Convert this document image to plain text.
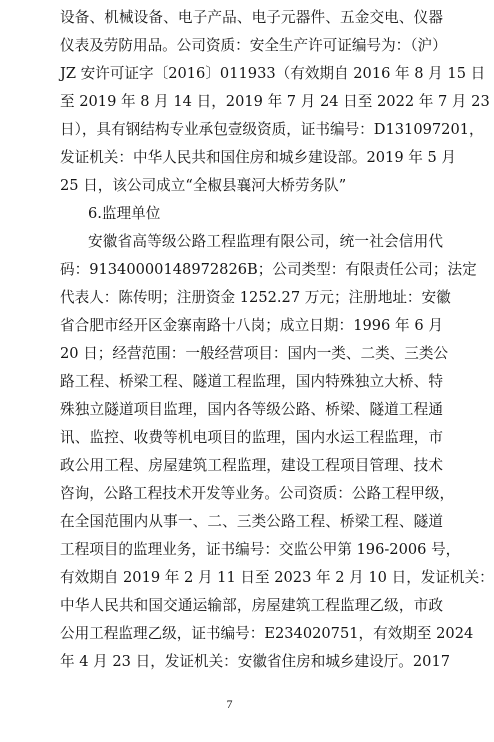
设备、机械设备、电子产品、电子元器件、五金交电、仪器
仪表及劳防用品。公司资质：安全生产许可证编号为：（沪）
JZ 安许可证字〔2016〕011933（有效期自 2016 年 8 月 15 日
至 2019 年 8 月 14 日，2019 年 7 月 24 日至 2022 年 7 月 23
日），具有钢结构专业承包壹级资质，证书编号：D131097201，
发证机关：中华人民共和国住房和城乡建设部。2019 年 5 月
25 日，该公司成立“全椒县襄河大桥劳务队”
6.监理单位
安徽省高等级公路工程监理有限公司，统一社会信用代
码：91340000148972826B；公司类型：有限责任公司；法定
代表人：陈传明；注册资金 1252.27 万元；注册地址：安徽
省合肥市经开区金寨南路十八岗；成立日期：1996 年 6 月
20 日；经营范围：一般经营项目：国内一类、二类、三类公
路工程、桥梁工程、隧道工程监理，国内特殊独立大桥、特
殊独立隧道项目监理，国内各等级公路、桥梁、隧道工程通
讯、监控、收费等机电项目的监理，国内水运工程监理，市
政公用工程、房屋建筑工程监理，建设工程项目管理、技术
咨询，公路工程技术开发等业务。公司资质：公路工程甲级，
在全国范围内从事一、二、三类公路工程、桥梁工程、隧道
工程项目的监理业务，证书编号：交监公甲第 196-2006 号，
有效期自 2019 年 2 月 11 日至 2023 年 2 月 10 日，发证机关：
中华人民共和国交通运输部，房屋建筑工程监理乙级，市政
公用工程监理乙级，证书编号：E234020751，有效期至 2024
年 4 月 23 日，发证机关：安徽省住房和城乡建设厅。2017
7
